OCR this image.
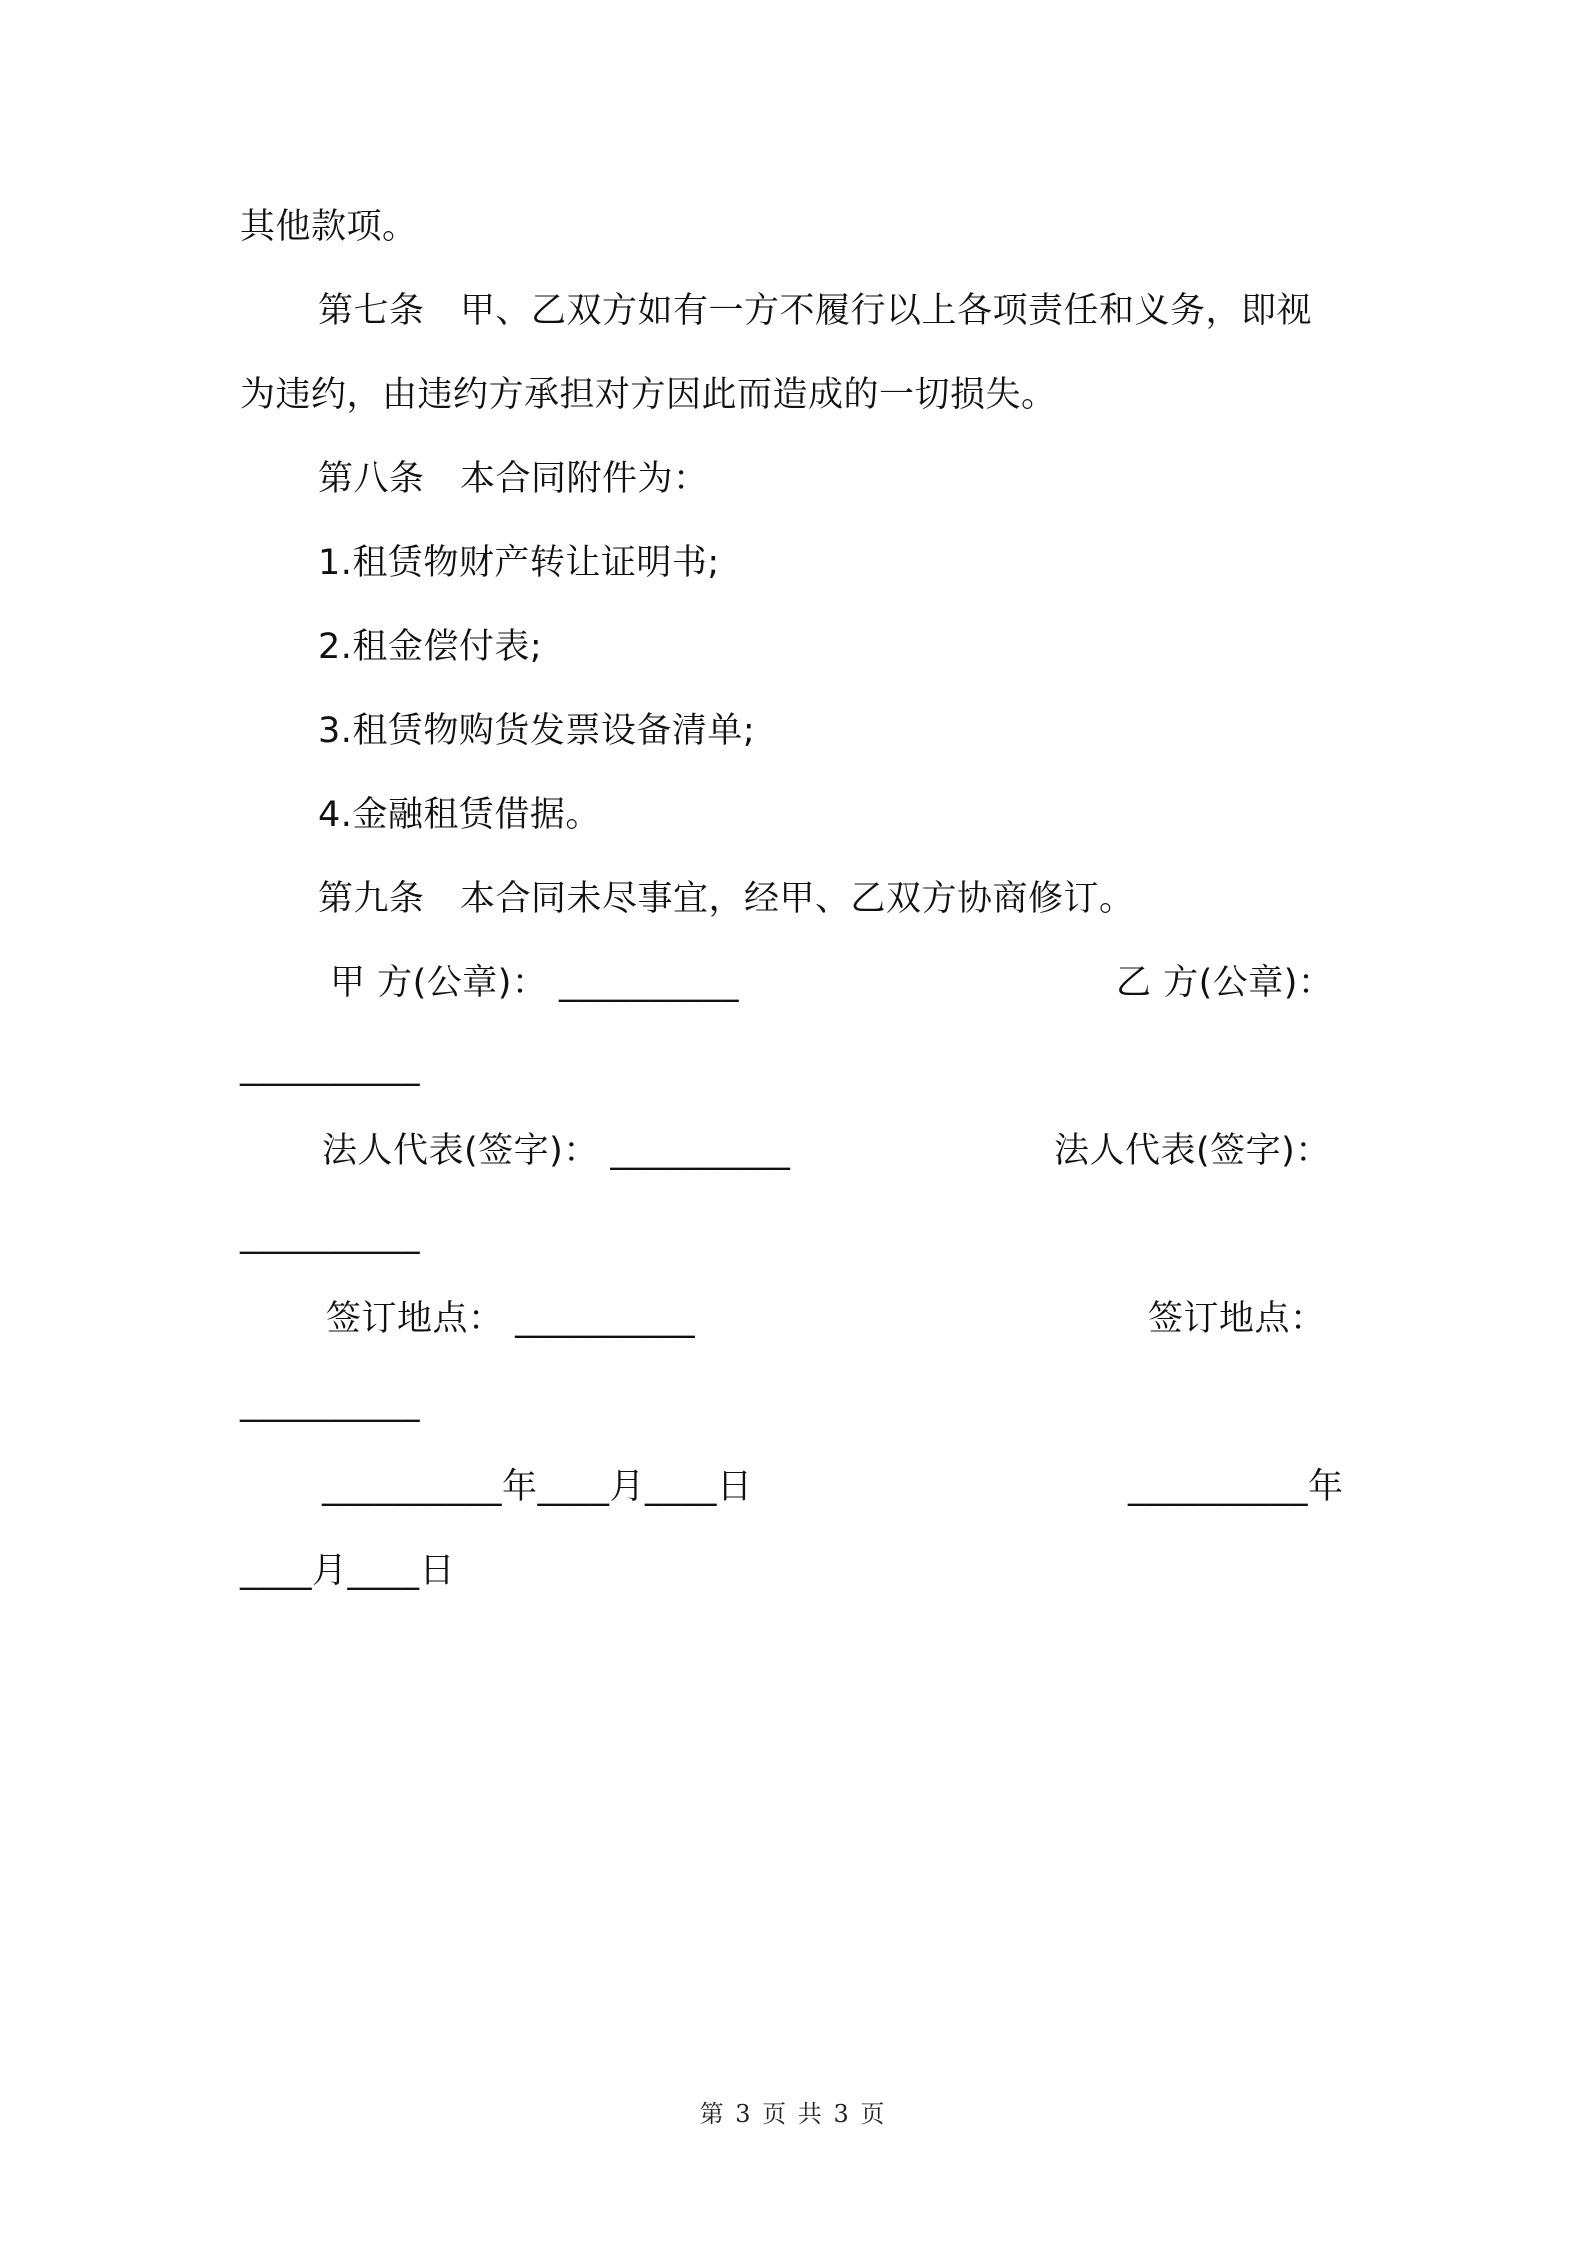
其他款项。
第七条　甲、乙双方如有一方不履行以上各项责任和义务，即视
为违约，由违约方承担对方因此而造成的一切损失。
第八条　本合同附件为：
1.租赁物财产转让证明书;
2.租金偿付表;
3.租赁物购货发票设备清单;
4.金融租赁借据。
第九条　本合同未尽事宜，经甲、乙双方协商修订。
甲 方(公章)： __________	乙 方(公章)：
__________
法人代表(签字)： __________	法人代表(签字)：
__________
签订地点： __________	签订地点：
__________
__________年____月____日	__________年
____月____日
第 3 页 共 3 页
